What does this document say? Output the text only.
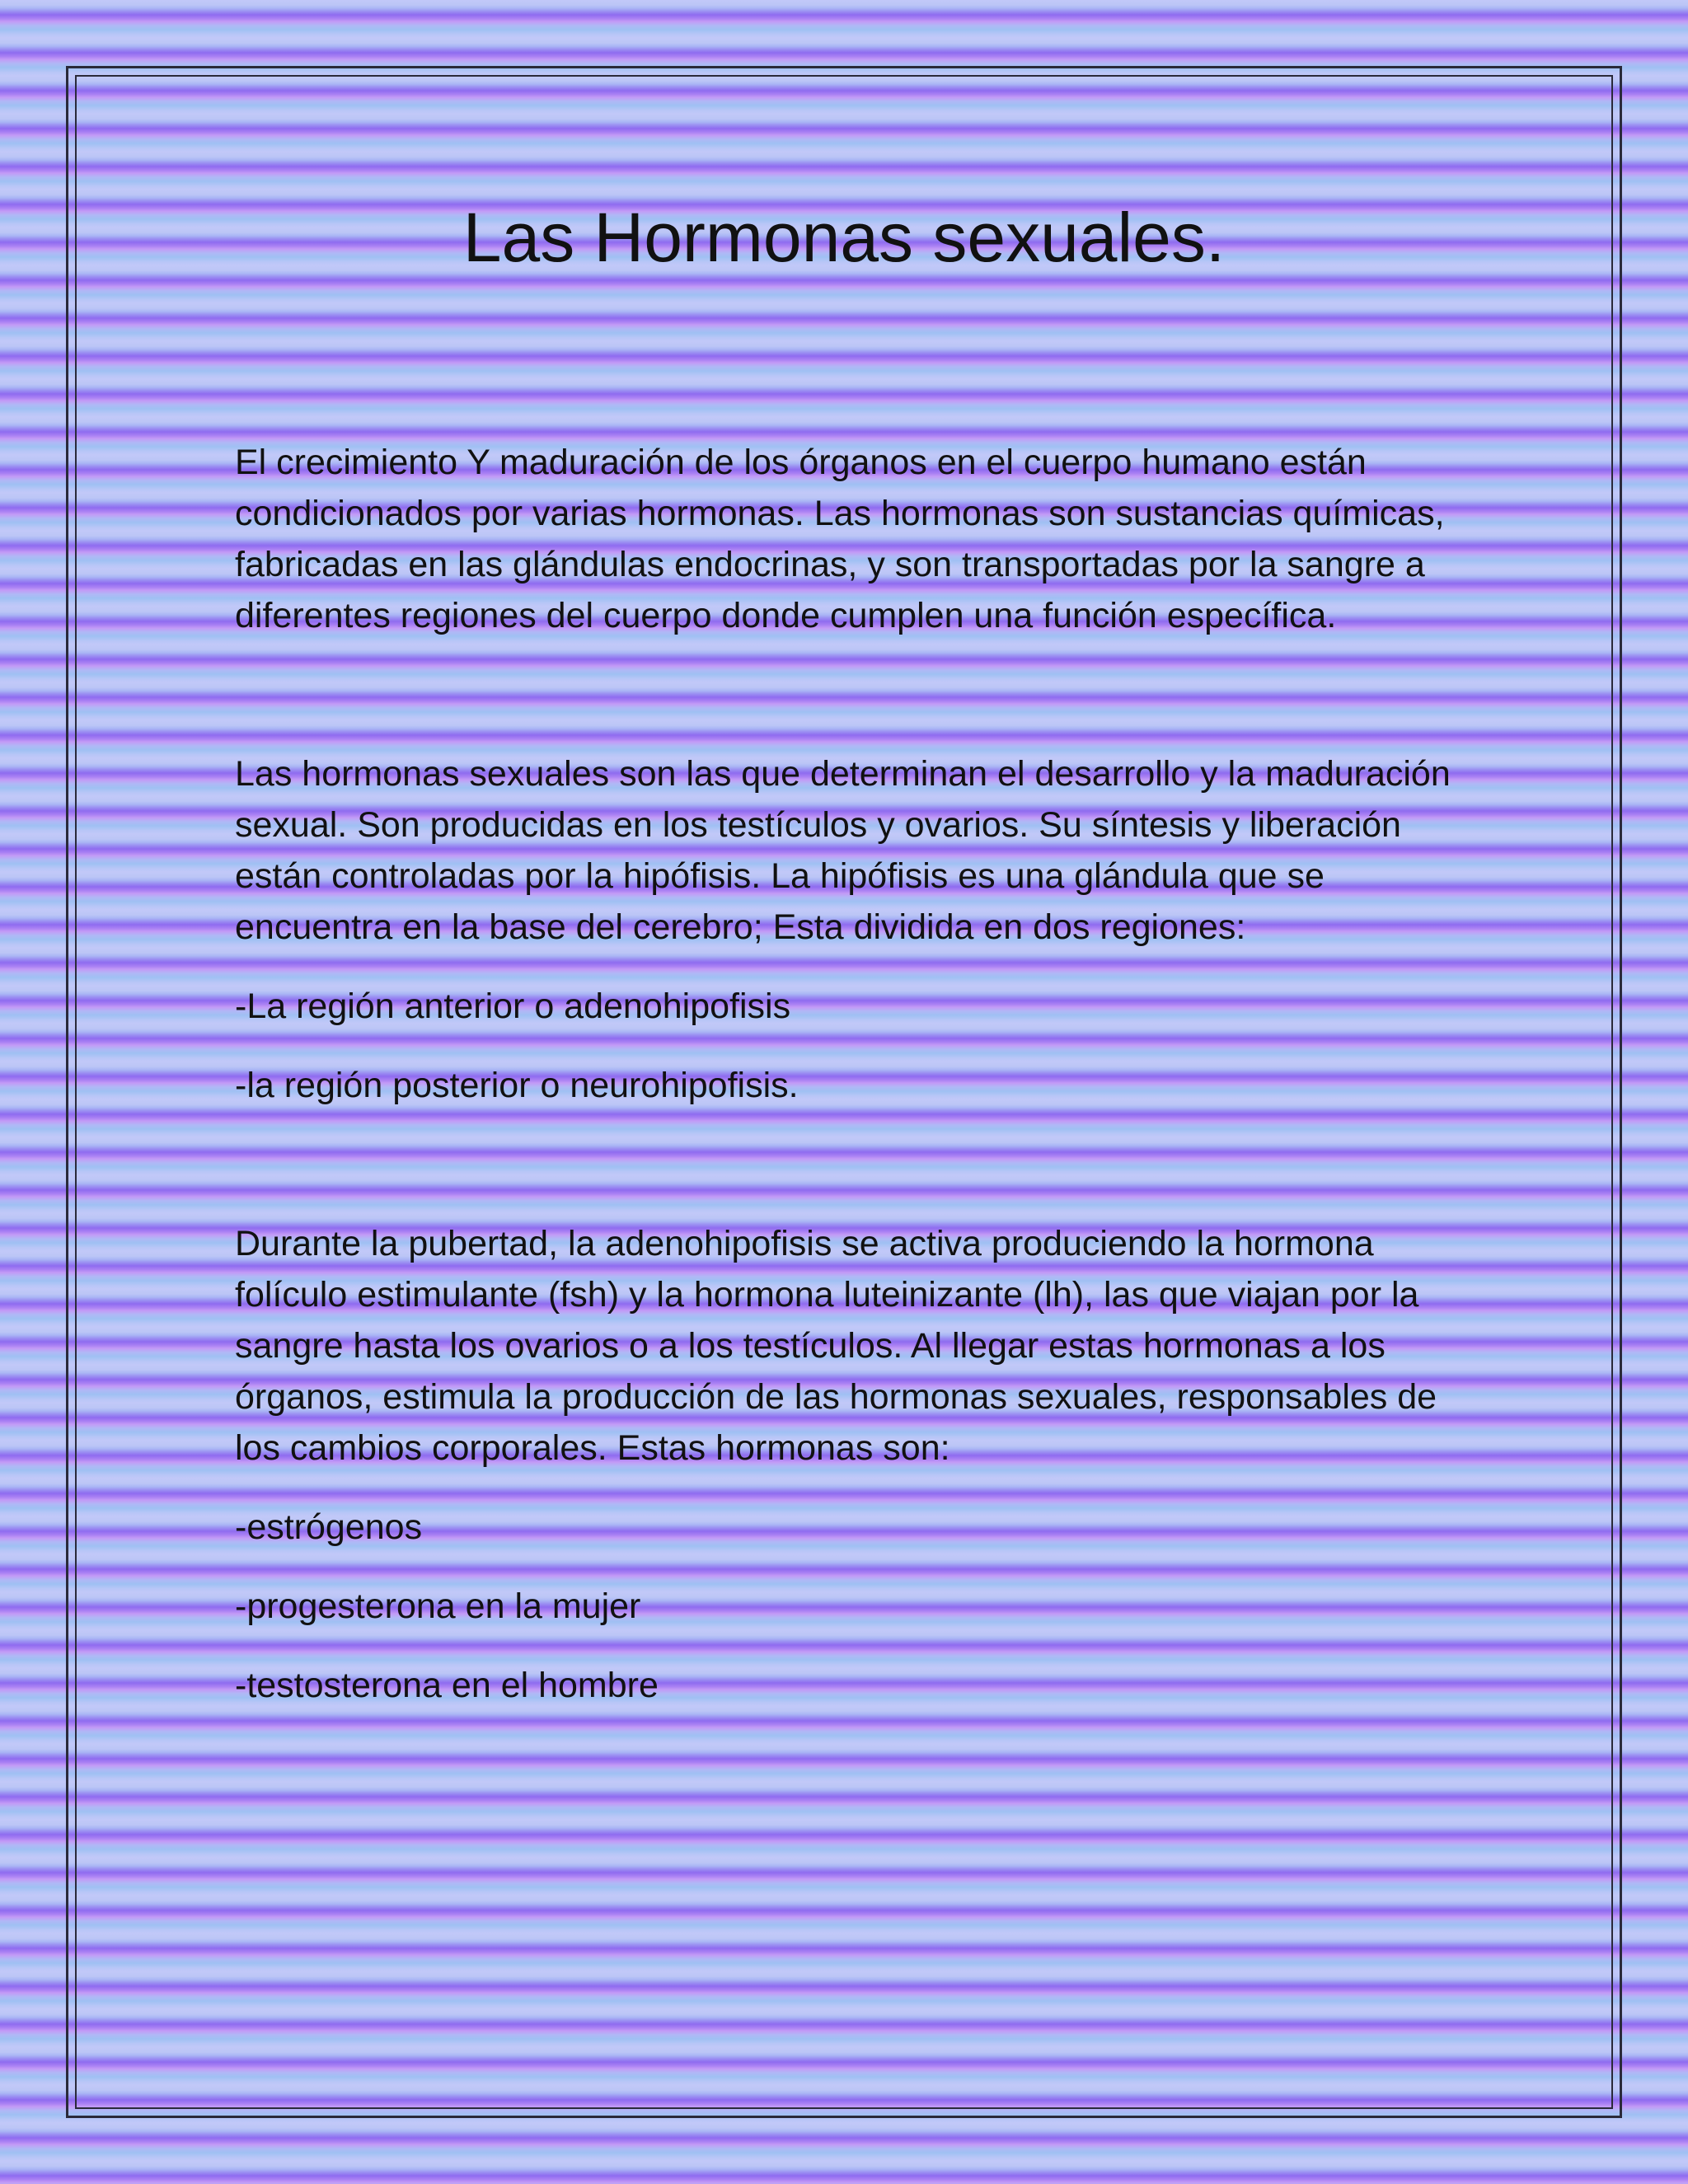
Las Hormonas sexuales.

El crecimiento Y maduración de los órganos en el cuerpo humano están condicionados por varias hormonas. Las hormonas son sustancias químicas, fabricadas en las glándulas endocrinas, y son transportadas por la sangre a diferentes regiones del cuerpo donde cumplen una función específica.

Las hormonas sexuales son las que determinan el desarrollo y la maduración sexual. Son producidas en los testículos y ovarios. Su síntesis y liberación están controladas por la hipófisis. La hipófisis es una glándula que se encuentra en la base del cerebro; Esta dividida en dos regiones:

-La región anterior o adenohipofisis

-la región posterior o neurohipofisis.

Durante la pubertad, la adenohipofisis se activa produciendo la hormona folículo estimulante (fsh) y la hormona luteinizante (lh), las que viajan por la sangre hasta los ovarios o a los testículos. Al llegar estas hormonas a los órganos, estimula la producción de las hormonas sexuales, responsables de los cambios corporales. Estas hormonas son:

-estrógenos

-progesterona en la mujer

-testosterona en el hombre
